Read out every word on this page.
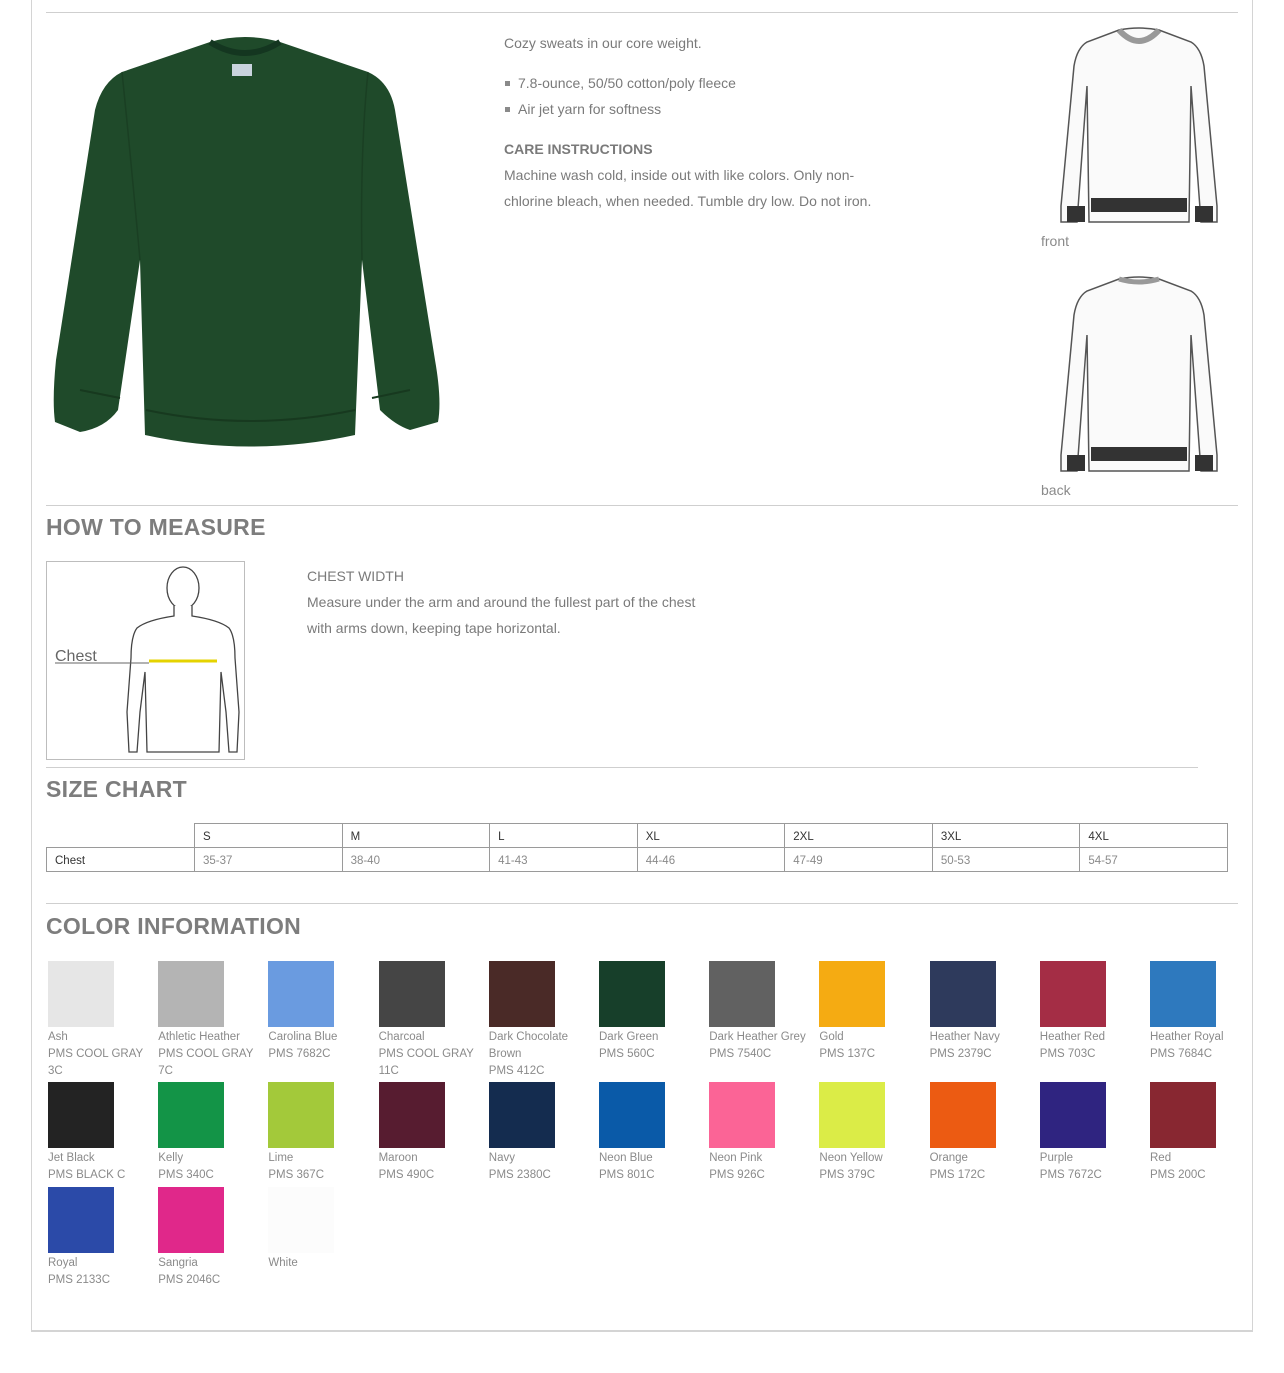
Cozy sweats in our core weight.
7.8-ounce, 50/50 cotton/poly fleece
Air jet yarn for softness
CARE INSTRUCTIONS
Machine wash cold, inside out with like colors. Only non-
chlorine bleach, when needed. Tumble dry low. Do not iron.
front
back
HOW TO MEASURE
Chest
CHEST WIDTH
Measure under the arm and around the fullest part of the chest
with arms down, keeping tape horizontal.
SIZE CHART
	S	M	L	XL	2XL	3XL	4XL
Chest	35-37	38-40	41-43	44-46	47-49	50-53	54-57
COLOR INFORMATION
Ash
PMS COOL GRAY 3C
Athletic Heather
PMS COOL GRAY 7C
Carolina Blue
PMS 7682C
Charcoal
PMS COOL GRAY 11C
Dark Chocolate Brown
PMS 412C
Dark Green
PMS 560C
Dark Heather Grey
PMS 7540C
Gold
PMS 137C
Heather Navy
PMS 2379C
Heather Red
PMS 703C
Heather Royal
PMS 7684C
Jet Black
PMS BLACK C
Kelly
PMS 340C
Lime
PMS 367C
Maroon
PMS 490C
Navy
PMS 2380C
Neon Blue
PMS 801C
Neon Pink
PMS 926C
Neon Yellow
PMS 379C
Orange
PMS 172C
Purple
PMS 7672C
Red
PMS 200C
Royal
PMS 2133C
Sangria
PMS 2046C
White
